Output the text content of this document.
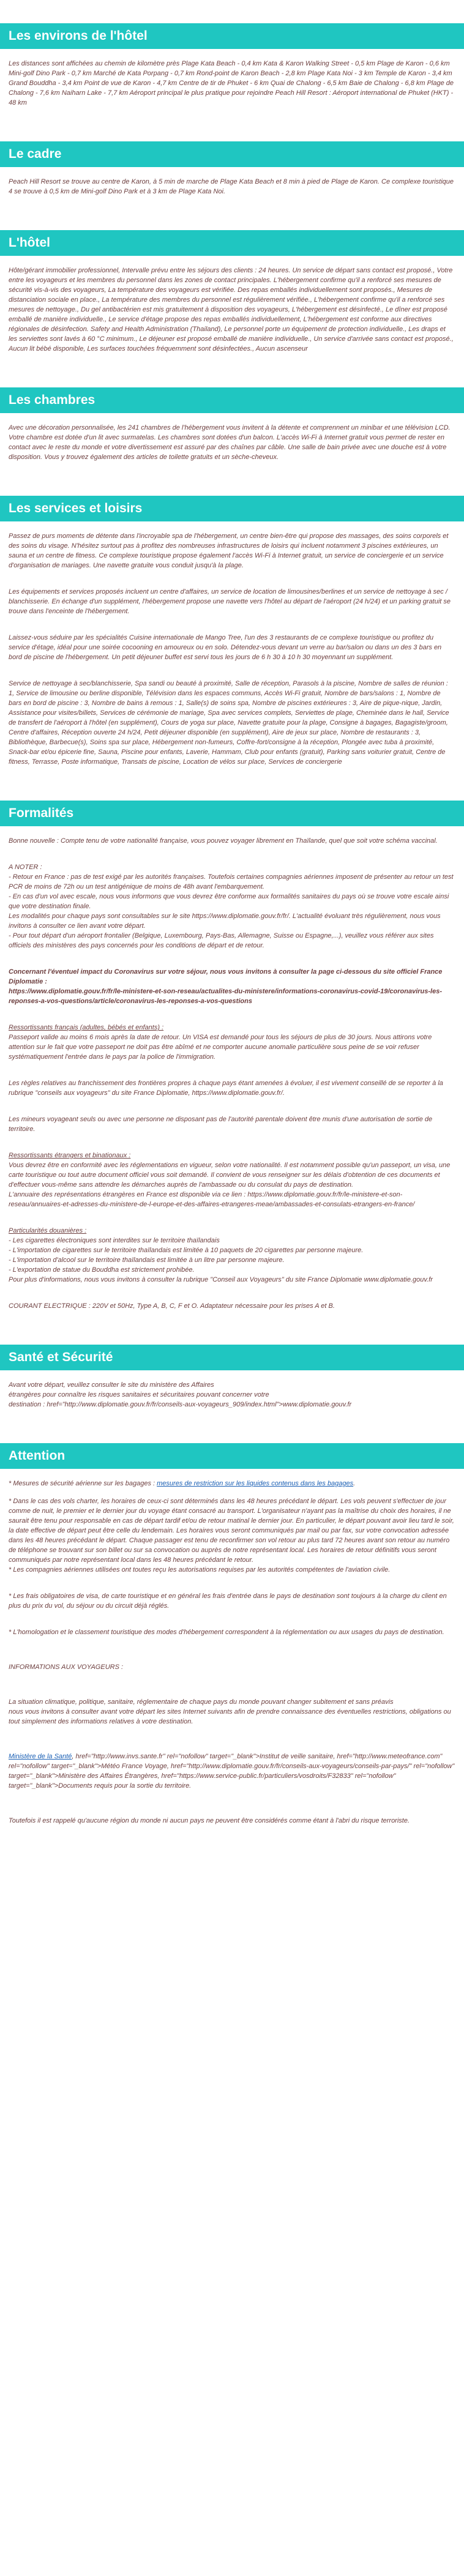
Les environs de l'hôtel

Les distances sont affichées au chemin de kilomètre près Plage Kata Beach - 0,4 km Kata & Karon Walking Street - 0,5 km Plage de Karon - 0,6 km Mini-golf Dino Park - 0,7 km Marché de Kata Porpang - 0,7 km Rond-point de Karon Beach - 2,8 km Plage Kata Noi - 3 km Temple de Karon - 3,4 km Grand Bouddha - 3,4 km Point de vue de Karon - 4,7 km Centre de tir de Phuket - 6 km Quai de Chalong - 6,5 km Baie de Chalong - 6,8 km Plage de Chalong - 7,6 km Naiharn Lake - 7,7 km Aéroport principal le plus pratique pour rejoindre Peach Hill Resort : Aéroport international de Phuket (HKT) - 48 km

Le cadre

Peach Hill Resort se trouve au centre de Karon, à 5 min de marche de Plage Kata Beach et 8 min à pied de Plage de Karon. Ce complexe touristique 4 se trouve à 0,5 km de Mini-golf Dino Park et à 3 km de Plage Kata Noi.

L'hôtel

Hôte/gérant immobilier professionnel, Intervalle prévu entre les séjours des clients : 24 heures. Un service de départ sans contact est proposé., Votre entre les voyageurs et les membres du personnel dans les zones de contact principales. L'hébergement confirme qu'il a renforcé ses mesures de sécurité vis-à-vis des voyageurs, La température des voyageurs est vérifiée. Des repas emballés individuellement sont proposés., Mesures de distanciation sociale en place., La température des membres du personnel est régulièrement vérifiée., L'hébergement confirme qu'il a renforcé ses mesures de nettoyage., Du gel antibactérien est mis gratuitement à disposition des voyageurs, L'hébergement est désinfecté., Le dîner est proposé emballé de manière individuelle., Le service d'étage propose des repas emballés individuellement, L'hébergement est conforme aux directives régionales de désinfection. Safety and Health Administration (Thailand), Le personnel porte un équipement de protection individuelle., Les draps et les serviettes sont lavés à 60 °C minimum., Le déjeuner est proposé emballé de manière individuelle., Un service d'arrivée sans contact est proposé., Aucun lit bébé disponible, Les surfaces touchées fréquemment sont désinfectées., Aucun ascenseur

Les chambres

Avec une décoration personnalisée, les 241 chambres de l'hébergement vous invitent à la détente et comprennent un minibar et une télévision LCD. Votre chambre est dotée d'un lit avec surmatelas. Les chambres sont dotées d'un balcon. L'accès Wi-Fi à Internet gratuit vous permet de rester en contact avec le reste du monde et votre divertissement est assuré par des chaînes par câble. Une salle de bain privée avec une douche est à votre disposition. Vous y trouvez également des articles de toilette gratuits et un sèche-cheveux.

Les services et loisirs

Passez de purs moments de détente dans l'incroyable spa de l'hébergement, un centre bien-être qui propose des massages, des soins corporels et des soins du visage. N'hésitez surtout pas à profitez des nombreuses infrastructures de loisirs qui incluent notamment 3 piscines extérieures, un sauna et un centre de fitness. Ce complexe touristique propose également l'accès Wi-Fi à Internet gratuit, un service de conciergerie et un service d'organisation de mariages. Une navette gratuite vous conduit jusqu'à la plage.

Les équipements et services proposés incluent un centre d'affaires, un service de location de limousines/berlines et un service de nettoyage à sec / blanchisserie. En échange d'un supplément, l'hébergement propose une navette vers l'hôtel au départ de l'aéroport (24 h/24) et un parking gratuit se trouve dans l'enceinte de l'hébergement.

Laissez-vous séduire par les spécialités Cuisine internationale de Mango Tree, l'un des 3 restaurants de ce complexe touristique ou profitez du service d'étage, idéal pour une soirée cocooning en amoureux ou en solo. Détendez-vous devant un verre au bar/salon ou dans un des 3 bars en bord de piscine de l'hébergement. Un petit déjeuner buffet est servi tous les jours de 6 h 30 à 10 h 30 moyennant un supplément.

Service de nettoyage à sec/blanchisserie, Spa sandi ou beauté à proximité, Salle de réception, Parasols à la piscine, Nombre de salles de réunion : 1, Service de limousine ou berline disponible, Télévision dans les espaces communs, Accès Wi-Fi gratuit, Nombre de bars/salons : 1, Nombre de bars en bord de piscine : 3, Nombre de bains à remous : 1, Salle(s) de soins spa, Nombre de piscines extérieures : 3, Aire de pique-nique, Jardin, Assistance pour visites/billets, Services de cérémonie de mariage, Spa avec services complets, Serviettes de plage, Cheminée dans le hall, Service de transfert de l'aéroport à l'hôtel (en supplément), Cours de yoga sur place, Navette gratuite pour la plage, Consigne à bagages, Bagagiste/groom, Centre d'affaires, Réception ouverte 24 h/24, Petit déjeuner disponible (en supplément), Aire de jeux sur place, Nombre de restaurants : 3, Bibliothèque, Barbecue(s), Soins spa sur place, Hébergement non-fumeurs, Coffre-fort/consigne à la réception, Plongée avec tuba à proximité, Snack-bar et/ou épicerie fine, Sauna, Piscine pour enfants, Laverie, Hammam, Club pour enfants (gratuit), Parking sans voiturier gratuit, Centre de fitness, Terrasse, Poste informatique, Transats de piscine, Location de vélos sur place, Services de conciergerie

Formalités

Bonne nouvelle : Compte tenu de votre nationalité française, vous pouvez voyager librement en Thaïlande, quel que soit votre schéma vaccinal.

A NOTER :
- Retour en France : pas de test exigé par les autorités françaises. Toutefois certaines compagnies aériennes imposent de présenter au retour un test PCR de moins de 72h ou un test antigénique de moins de 48h avant l'embarquement.
- En cas d'un vol avec escale, nous vous informons que vous devrez être conforme aux formalités sanitaires du pays où se trouve votre escale ainsi que votre destination finale.
Les modalités pour chaque pays sont consultables sur le site https://www.diplomatie.gouv.fr/fr/. L'actualité évoluant très régulièrement, nous vous invitons à consulter ce lien avant votre départ.
- Pour tout départ d'un aéroport frontalier (Belgique, Luxembourg, Pays-Bas, Allemagne, Suisse ou Espagne,...), veuillez vous référer aux sites officiels des ministères des pays concernés pour les conditions de départ et de retour.

Concernant l'éventuel impact du Coronavirus sur votre séjour, nous vous invitons à consulter la page ci-dessous du site officiel France Diplomatie :
https://www.diplomatie.gouv.fr/fr/le-ministere-et-son-reseau/actualites-du-ministere/informations-coronavirus-covid-19/coronavirus-les-reponses-a-vos-questions/article/coronavirus-les-reponses-a-vos-questions

Ressortissants français (adultes, bébés et enfants) :

Passeport valide au moins 6 mois après la date de retour. Un VISA est demandé pour tous les séjours de plus de 30 jours. Nous attirons votre attention sur le fait que votre passeport ne doit pas être abîmé et ne comporter aucune anomalie particulière sous peine de se voir refuser systématiquement l'entrée dans le pays par la police de l'immigration.

Les règles relatives au franchissement des frontières propres à chaque pays étant amenées à évoluer, il est vivement conseillé de se reporter à la rubrique "conseils aux voyageurs" du site France Diplomatie, https://www.diplomatie.gouv.fr/.

Les mineurs voyageant seuls ou avec une personne ne disposant pas de l'autorité parentale doivent être munis d'une autorisation de sortie de territoire.

Ressortissants étrangers et binationaux :

Vous devrez être en conformité avec les réglementations en vigueur, selon votre nationalité. Il est notamment possible qu'un passeport, un visa, une carte touristique ou tout autre document officiel vous soit demandé. Il convient de vous renseigner sur les délais d'obtention de ces documents et d'effectuer vous-même sans attendre les démarches auprès de l'ambassade ou du consulat du pays de destination.
L'annuaire des représentations étrangères en France est disponible via ce lien : https://www.diplomatie.gouv.fr/fr/le-ministere-et-son-reseau/annuaires-et-adresses-du-ministere-de-l-europe-et-des-affaires-etrangeres-meae/ambassades-et-consulats-etrangers-en-france/

Particularités douanières :

- Les cigarettes électroniques sont interdites sur le territoire thaïlandais
- L'importation de cigarettes sur le territoire thaïlandais est limitée à 10 paquets de 20 cigarettes par personne majeure.
- L'importation d'alcool sur le territoire thaïlandais est limitée à un litre par personne majeure.
- L'exportation de statue du Bouddha est strictement prohibée.
Pour plus d'informations, nous vous invitons à consulter la rubrique "Conseil aux Voyageurs" du site France Diplomatie www.diplomatie.gouv.fr

COURANT ELECTRIQUE : 220V et 50Hz, Type A, B, C, F et O. Adaptateur nécessaire pour les prises A et B.

Santé et Sécurité

Avant votre départ, veuillez consulter le site du ministère des Affaires
étrangères pour connaître les risques sanitaires et sécuritaires pouvant concerner votre
destination : href="http://www.diplomatie.gouv.fr/fr/conseils-aux-voyageurs_909/index.html">www.diplomatie.gouv.fr

Attention

* Mesures de sécurité aérienne sur les bagages : mesures de restriction sur les liquides contenus dans les bagages.

* Dans le cas des vols charter, les horaires de ceux-ci sont déterminés dans les 48 heures précédant le départ. Les vols peuvent s'effectuer de jour comme de nuit, le premier et le dernier jour du voyage étant consacré au transport. L'organisateur n'ayant pas la maîtrise du choix des horaires, il ne saurait être tenu pour responsable en cas de départ tardif et/ou de retour matinal le dernier jour. En particulier, le départ pouvant avoir lieu tard le soir, la date effective de départ peut être celle du lendemain. Les horaires vous seront communiqués par mail ou par fax, sur votre convocation adressée dans les 48 heures précédant le départ. Chaque passager est tenu de reconfirmer son vol retour au plus tard 72 heures avant son retour au numéro de téléphone se trouvant sur son billet ou sur sa convocation ou auprès de notre représentant local. Les horaires de retour définitifs vous seront communiqués par notre représentant local dans les 48 heures précédant le retour.
* Les compagnies aériennes utilisées ont toutes reçu les autorisations requises par les autorités compétentes de l'aviation civile.

* Les frais obligatoires de visa, de carte touristique et en général les frais d'entrée dans le pays de destination sont toujours à la charge du client en plus du prix du vol, du séjour ou du circuit déjà réglés.

* L'homologation et le classement touristique des modes d'hébergement correspondent à la réglementation ou aux usages du pays de destination.

INFORMATIONS AUX VOYAGEURS :

La situation climatique, politique, sanitaire, réglementaire de chaque pays du monde pouvant changer subitement et sans préavis
nous vous invitons à consulter avant votre départ les sites Internet suivants afin de prendre connaissance des éventuelles restrictions, obligations ou tout simplement des informations relatives à votre destination.

Ministère de la Santé, href="http://www.invs.sante.fr" rel="nofollow" target="_blank">Institut de veille sanitaire, href="http://www.meteofrance.com" rel="nofollow" target="_blank">Météo France Voyage, href="http://www.diplomatie.gouv.fr/fr/conseils-aux-voyageurs/conseils-par-pays/" rel="nofollow" target="_blank">Ministère des Affaires Étrangères, href="https://www.service-public.fr/particuliers/vosdroits/F32833" rel="nofollow" target="_blank">Documents requis pour la sortie du territoire.

Toutefois il est rappelé qu'aucune région du monde ni aucun pays ne peuvent être considérés comme étant à l'abri du risque terroriste.
